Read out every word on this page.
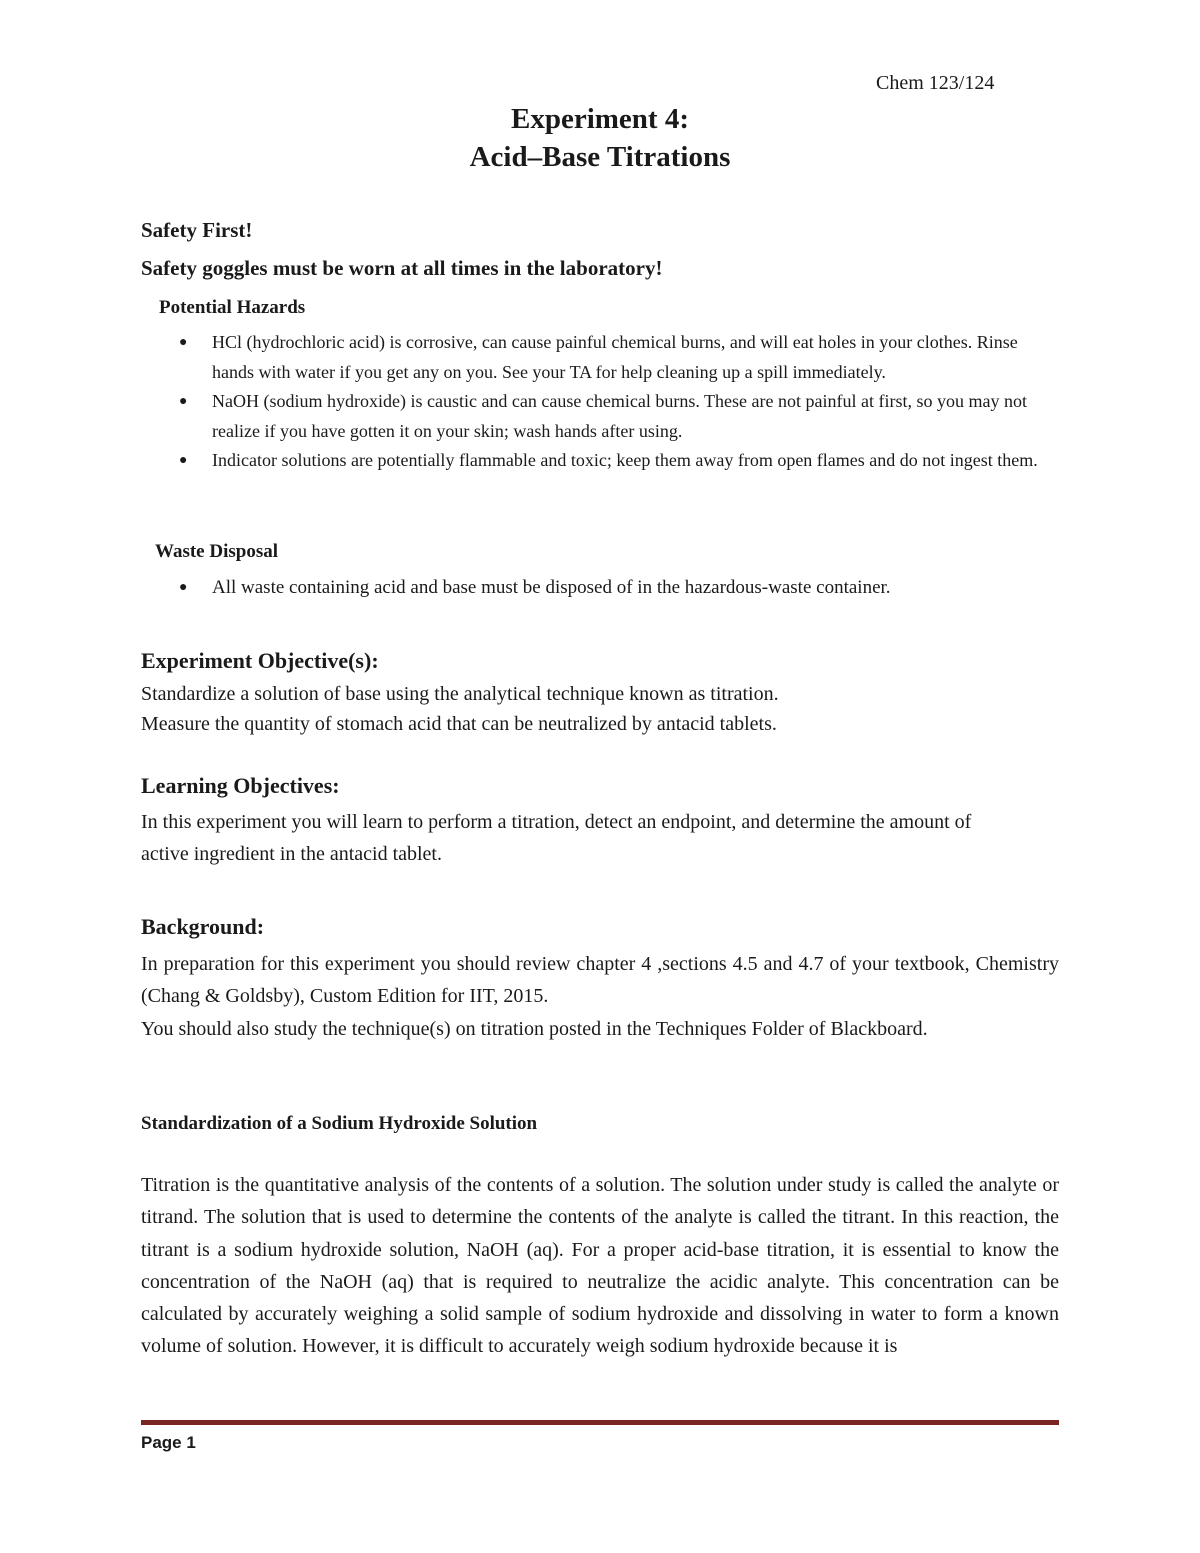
Chem 123/124
Experiment 4:
Acid–Base Titrations
Safety First!
Safety goggles must be worn at all times in the laboratory!
Potential Hazards
● HCl (hydrochloric acid) is corrosive, can cause painful chemical burns, and will eat holes in your clothes. Rinse hands with water if you get any on you. See your TA for help cleaning up a spill immediately.
● NaOH (sodium hydroxide) is caustic and can cause chemical burns. These are not painful at first, so you may not realize if you have gotten it on your skin; wash hands after using.
● Indicator solutions are potentially flammable and toxic; keep them away from open flames and do not ingest them.
Waste Disposal
● All waste containing acid and base must be disposed of in the hazardous-waste container.
Experiment Objective(s):

Standardize a solution of base using the analytical technique known as titration.

Measure the quantity of stomach acid that can be neutralized by antacid tablets.

Learning Objectives:

In this experiment you will learn to perform a titration, detect an endpoint, and determine the amount of active ingredient in the antacid tablet.

Background:

In preparation for this experiment you should review chapter 4 ,sections 4.5 and 4.7 of your textbook, Chemistry (Chang & Goldsby), Custom Edition for IIT, 2015.

You should also study the technique(s) on titration posted in the Techniques Folder of Blackboard.

Standardization of a Sodium Hydroxide Solution

Titration is the quantitative analysis of the contents of a solution. The solution under study is called the analyte or titrand. The solution that is used to determine the contents of the analyte is called the titrant. In this reaction, the titrant is a sodium hydroxide solution, NaOH (aq). For a proper acid-base titration, it is essential to know the concentration of the NaOH (aq) that is required to neutralize the acidic analyte. This concentration can be calculated by accurately weighing a solid sample of sodium hydroxide and dissolving in water to form a known volume of solution. However, it is difficult to accurately weigh sodium hydroxide because it is

Page 1
